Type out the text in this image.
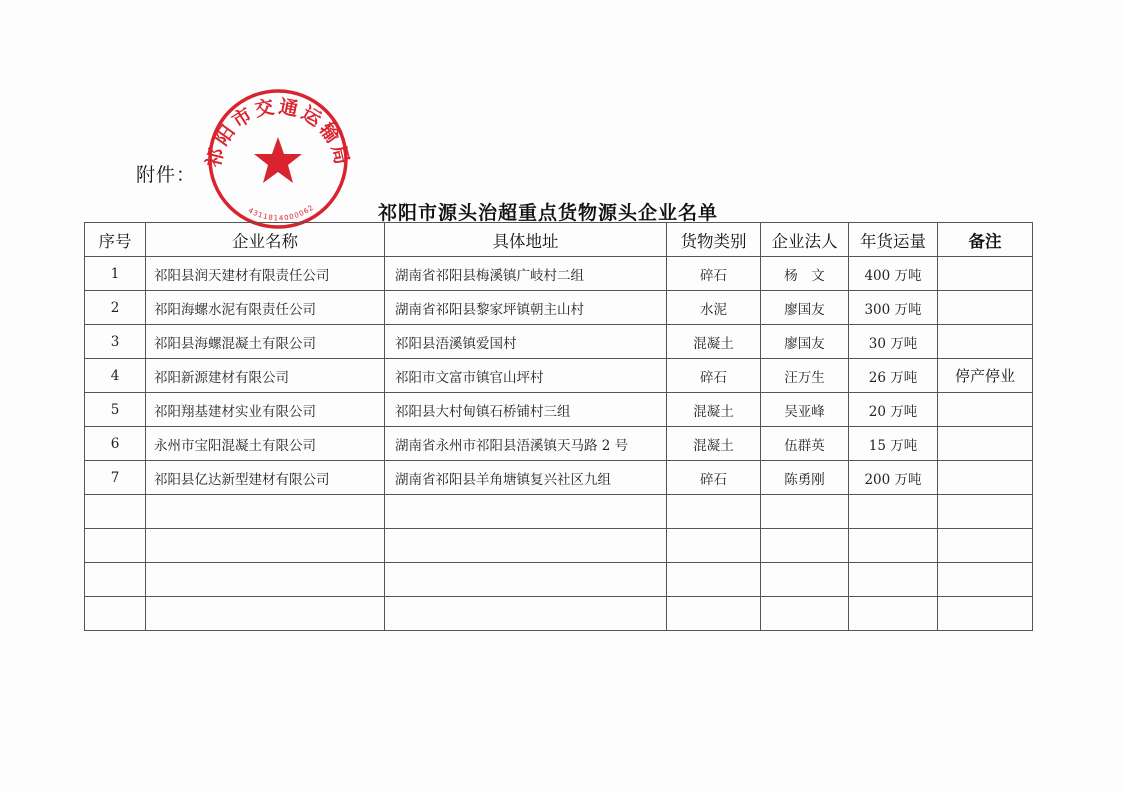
祁阳市交通运输局
4311814000062
附件：
祁阳市源头治超重点货物源头企业名单
序号	企业名称	具体地址	货物类别	企业法人	年货运量	备注
1	祁阳县润天建材有限责任公司	湖南省祁阳县梅溪镇广岐村二组	碎石	杨　文	400 万吨	
2	祁阳海螺水泥有限责任公司	湖南省祁阳县黎家坪镇朝主山村	水泥	廖国友	300 万吨	
3	祁阳县海螺混凝土有限公司	祁阳县浯溪镇爱国村	混凝土	廖国友	30 万吨	
4	祁阳新源建材有限公司	祁阳市文富市镇官山坪村	碎石	汪万生	26 万吨	停产停业
5	祁阳翔基建材实业有限公司	祁阳县大村甸镇石桥铺村三组	混凝土	吴亚峰	20 万吨	
6	永州市宝阳混凝土有限公司	湖南省永州市祁阳县浯溪镇天马路 2 号	混凝土	伍群英	15 万吨	
7	祁阳县亿达新型建材有限公司	湖南省祁阳县羊角塘镇复兴社区九组	碎石	陈勇刚	200 万吨	
